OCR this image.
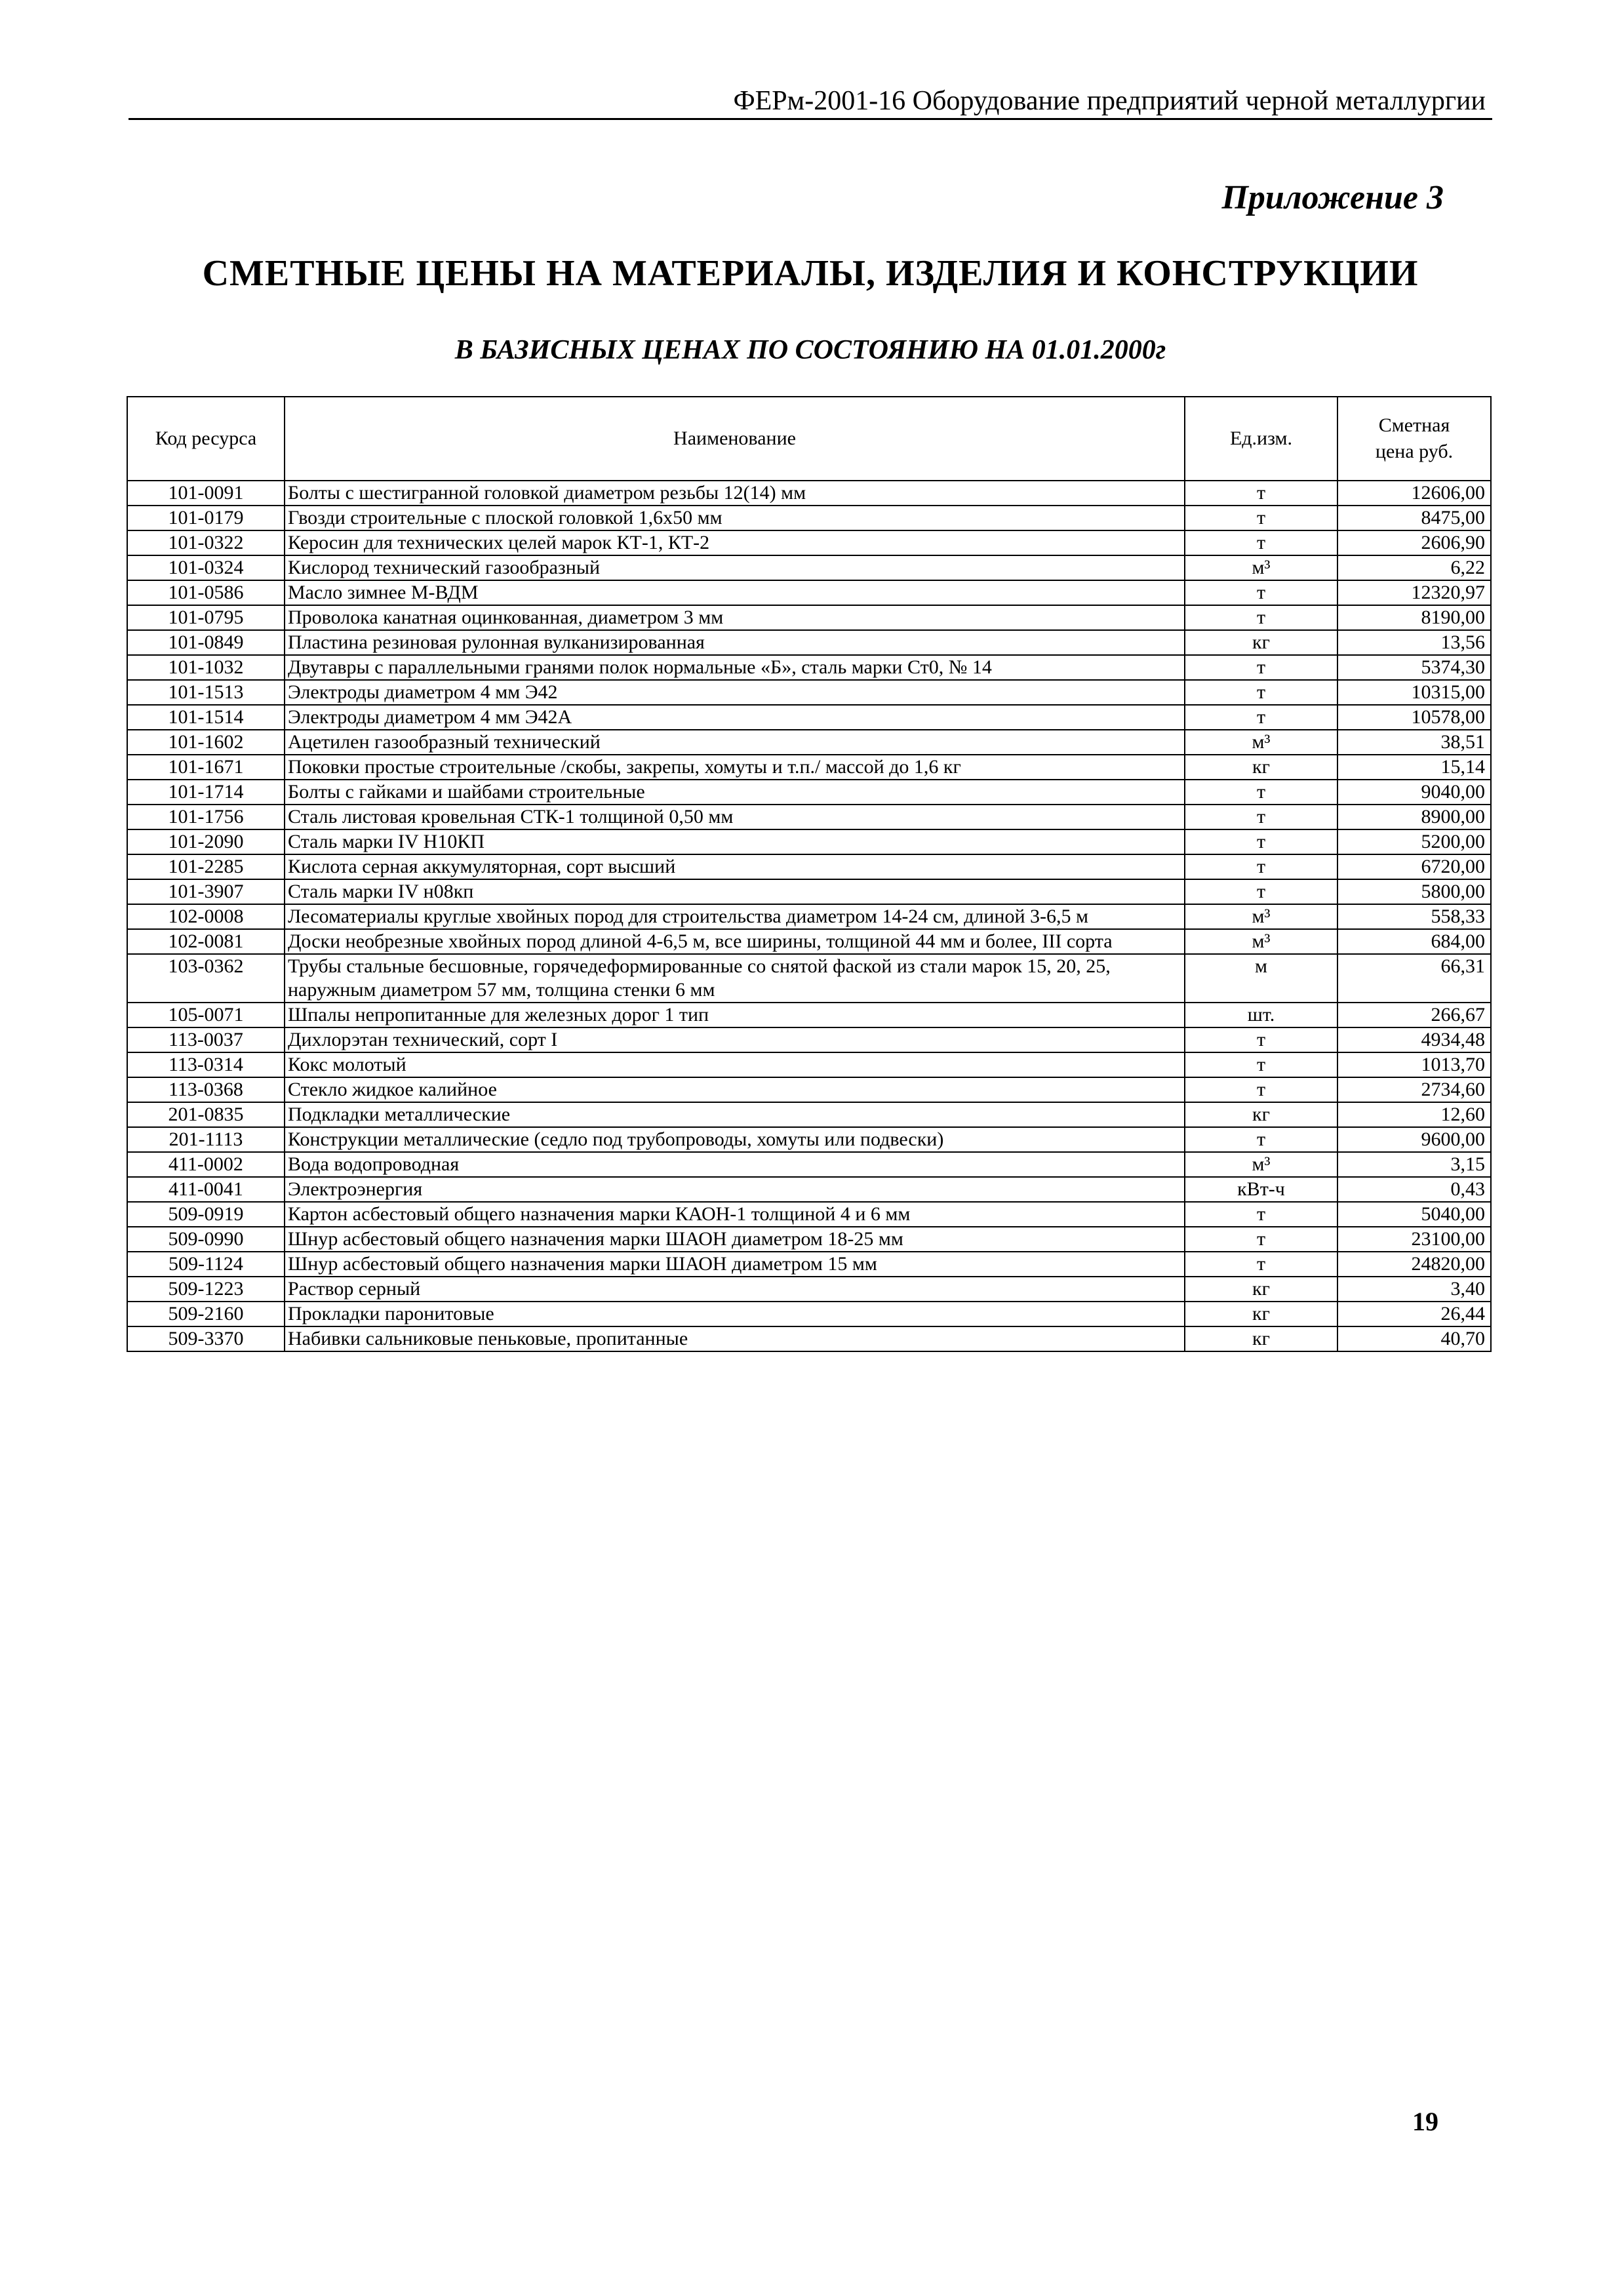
ФЕРм-2001-16 Оборудование предприятий черной металлургии
Приложение 3
СМЕТНЫЕ ЦЕНЫ НА МАТЕРИАЛЫ, ИЗДЕЛИЯ И КОНСТРУКЦИИ
В БАЗИСНЫХ ЦЕНАХ ПО СОСТОЯНИЮ НА 01.01.2000г
Код ресурса	Наименование	Ед.изм.	Сметная цена руб.
101-0091	Болты с шестигранной головкой диаметром резьбы 12(14) мм	т	12606,00
101-0179	Гвозди строительные с плоской головкой 1,6х50 мм	т	8475,00
101-0322	Керосин для технических целей марок КТ-1, КТ-2	т	2606,90
101-0324	Кислород технический газообразный	м³	6,22
101-0586	Масло зимнее М-ВДМ	т	12320,97
101-0795	Проволока канатная оцинкованная, диаметром 3 мм	т	8190,00
101-0849	Пластина резиновая рулонная вулканизированная	кг	13,56
101-1032	Двутавры с параллельными гранями полок нормальные «Б», сталь марки Ст0, № 14	т	5374,30
101-1513	Электроды диаметром 4 мм Э42	т	10315,00
101-1514	Электроды диаметром 4 мм Э42А	т	10578,00
101-1602	Ацетилен газообразный технический	м³	38,51
101-1671	Поковки простые строительные /скобы, закрепы, хомуты и т.п./ массой до 1,6 кг	кг	15,14
101-1714	Болты с гайками и шайбами строительные	т	9040,00
101-1756	Сталь листовая кровельная СТК-1 толщиной 0,50 мм	т	8900,00
101-2090	Сталь марки IV Н10КП	т	5200,00
101-2285	Кислота серная аккумуляторная, сорт высший	т	6720,00
101-3907	Сталь марки IV н08кп	т	5800,00
102-0008	Лесоматериалы круглые хвойных пород для строительства диаметром 14-24 см, длиной 3-6,5 м	м³	558,33
102-0081	Доски необрезные хвойных пород длиной 4-6,5 м, все ширины, толщиной 44 мм и более, III сорта	м³	684,00
103-0362	Трубы стальные бесшовные, горячедеформированные со снятой фаской из стали марок 15, 20, 25, наружным диаметром 57 мм, толщина стенки 6 мм	м	66,31
105-0071	Шпалы непропитанные для железных дорог 1 тип	шт.	266,67
113-0037	Дихлорэтан технический, сорт I	т	4934,48
113-0314	Кокс молотый	т	1013,70
113-0368	Стекло жидкое калийное	т	2734,60
201-0835	Подкладки металлические	кг	12,60
201-1113	Конструкции металлические (седло под трубопроводы, хомуты или подвески)	т	9600,00
411-0002	Вода водопроводная	м³	3,15
411-0041	Электроэнергия	кВт-ч	0,43
509-0919	Картон асбестовый общего назначения марки КАОН-1 толщиной 4 и 6 мм	т	5040,00
509-0990	Шнур асбестовый общего назначения марки ШАОН диаметром 18-25 мм	т	23100,00
509-1124	Шнур асбестовый общего назначения марки ШАОН диаметром 15 мм	т	24820,00
509-1223	Раствор серный	кг	3,40
509-2160	Прокладки паронитовые	кг	26,44
509-3370	Набивки сальниковые пеньковые, пропитанные	кг	40,70
19
